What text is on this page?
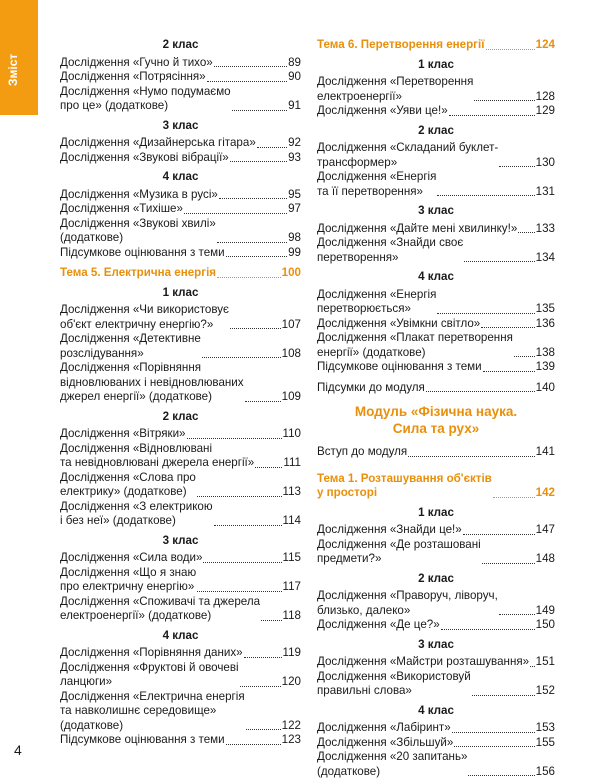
Зміст
2 клас
Дослідження «Гучно й тихо»	89
Дослідження «Потрясіння»	90
Дослідження «Нумо подумаємо
про це» (додаткове)	91
3 клас
Дослідження «Дизайнерська гітара»	92
Дослідження «Звукові вібрації»	93
4 клас
Дослідження «Музика в русі»	95
Дослідження «Тихіше»	97
Дослідження «Звукові хвилі»
(додаткове)	98
Підсумкове оцінювання з теми	99
Тема 5. Електрична енергія	100
1 клас
Дослідження «Чи використовує
об'єкт електричну енергію?»	107
Дослідження «Детективне
розслідування»	108
Дослідження «Порівняння
відновлюваних і невідновлюваних
джерел енергії» (додаткове)	109
2 клас
Дослідження «Вітряки»	110
Дослідження «Відновлювані
та невідновлювані джерела енергії»	111
Дослідження «Слова про
електрику» (додаткове)	113
Дослідження «З електрикою
і без неї» (додаткове)	114
3 клас
Дослідження «Сила води»	115
Дослідження «Що я знаю
про електричну енергію»	117
Дослідження «Споживачі та джерела
електроенергії» (додаткове)	118
4 клас
Дослідження «Порівняння даних»	119
Дослідження «Фруктові й овочеві
ланцюги»	120
Дослідження «Електрична енергія
та навколишнє середовище»
(додаткове)	122
Підсумкове оцінювання з теми	123
Тема 6. Перетворення енергії	124
1 клас
Дослідження «Перетворення
електроенергії»	128
Дослідження «Уяви це!»	129
2 клас
Дослідження «Складаний буклет-
трансформер»	130
Дослідження «Енергія
та її перетворення»	131
3 клас
Дослідження «Дайте мені хвилинку!» 133
Дослідження «Знайди своє
перетворення»	134
4 клас
Дослідження «Енергія
перетворюється»	135
Дослідження «Увімкни світло»	136
Дослідження «Плакат перетворення
енергії» (додаткове)	138
Підсумкове оцінювання з теми	139
Підсумки до модуля	140
Модуль «Фізична наука.
Сила та рух»
Вступ до модуля	141
Тема 1. Розташування об'єктів
у просторі	142
1 клас
Дослідження «Знайди це!»	147
Дослідження «Де розташовані
предмети?»	148
2 клас
Дослідження «Праворуч, ліворуч,
близько, далеко»	149
Дослідження «Де це?»	150
3 клас
Дослідження «Майстри розташування» 151
Дослідження «Використовуй
правильні слова»	152
4 клас
Дослідження «Лабіринт»	153
Дослідження «Збільшуй»	155
Дослідження «20 запитань»
(додаткове)	156
4
